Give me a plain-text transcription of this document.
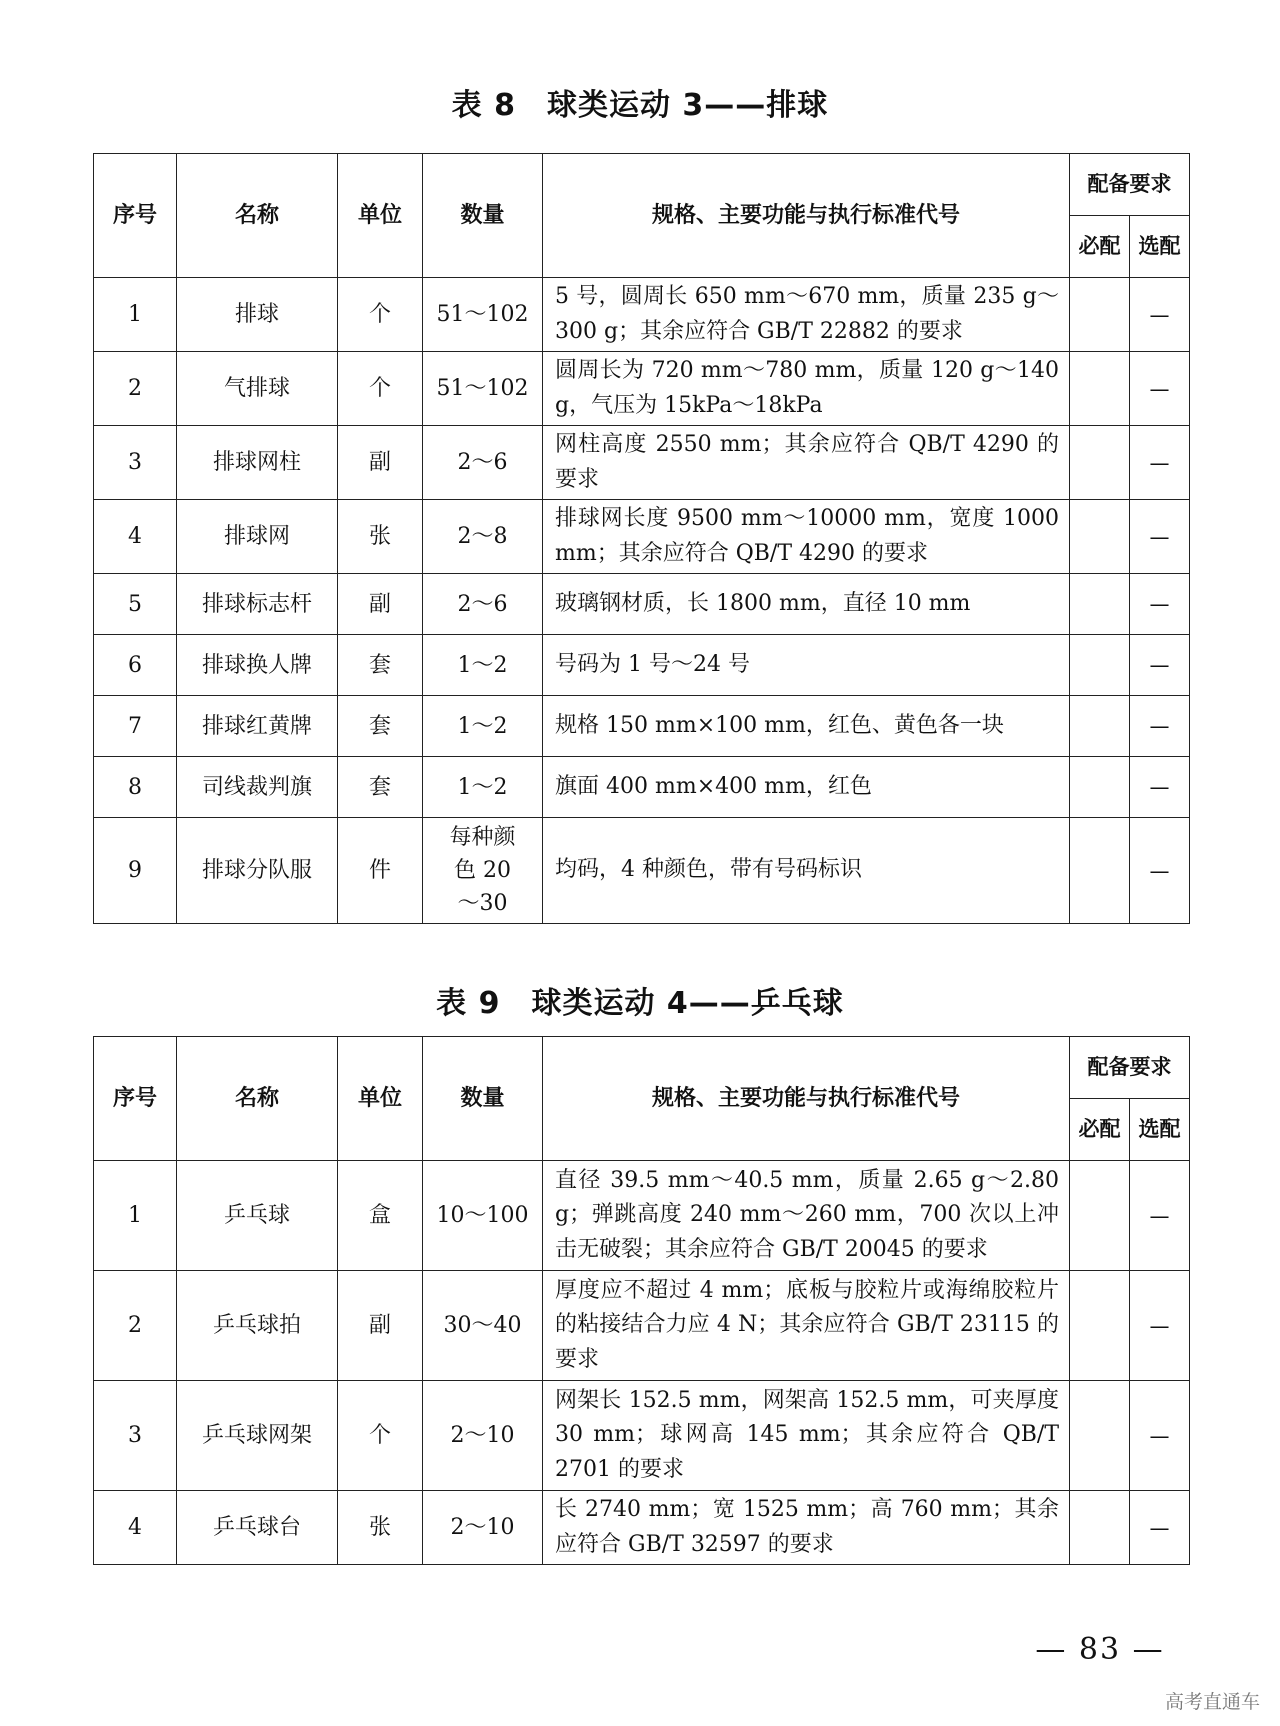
表 8　球类运动 3——排球
序号	名称	单位	数量	规格、主要功能与执行标准代号	配备要求	
					必配	选配
1	排球	个	51～102	5 号，圆周长 650 mm～670 mm，质量 235 g～300 g；其余应符合 GB/T 22882 的要求		—
2	气排球	个	51～102	圆周长为 720 mm～780 mm，质量 120 g～140 g，气压为 15kPa～18kPa		—
3	排球网柱	副	2～6	网柱高度 2550 mm；其余应符合 QB/T 4290 的要求		—
4	排球网	张	2～8	排球网长度 9500 mm～10000 mm，宽度 1000 mm；其余应符合 QB/T 4290 的要求		—
5	排球标志杆	副	2～6	玻璃钢材质，长 1800 mm，直径 10 mm		—
6	排球换人牌	套	1～2	号码为 1 号～24 号		—
7	排球红黄牌	套	1～2	规格 150 mm×100 mm，红色、黄色各一块		—
8	司线裁判旗	套	1～2	旗面 400 mm×400 mm，红色		—
9	排球分队服	件	每种颜色 20～30	均码，4 种颜色，带有号码标识		—
表 9　球类运动 4——乒乓球
序号	名称	单位	数量	规格、主要功能与执行标准代号	配备要求	
					必配	选配
1	乒乓球	盒	10～100	直径 39.5 mm～40.5 mm，质量 2.65 g～2.80 g；弹跳高度 240 mm～260 mm，700 次以上冲击无破裂；其余应符合 GB/T 20045 的要求		—
2	乒乓球拍	副	30～40	厚度应不超过 4 mm；底板与胶粒片或海绵胶粒片的粘接结合力应 4 N；其余应符合 GB/T 23115 的要求		—
3	乒乓球网架	个	2～10	网架长 152.5 mm，网架高 152.5 mm，可夹厚度 30 mm；球网高 145 mm；其余应符合 QB/T 2701 的要求		—
4	乒乓球台	张	2～10	长 2740 mm；宽 1525 mm；高 760 mm；其余应符合 GB/T 32597 的要求		—
— 83 —
高考直通车
